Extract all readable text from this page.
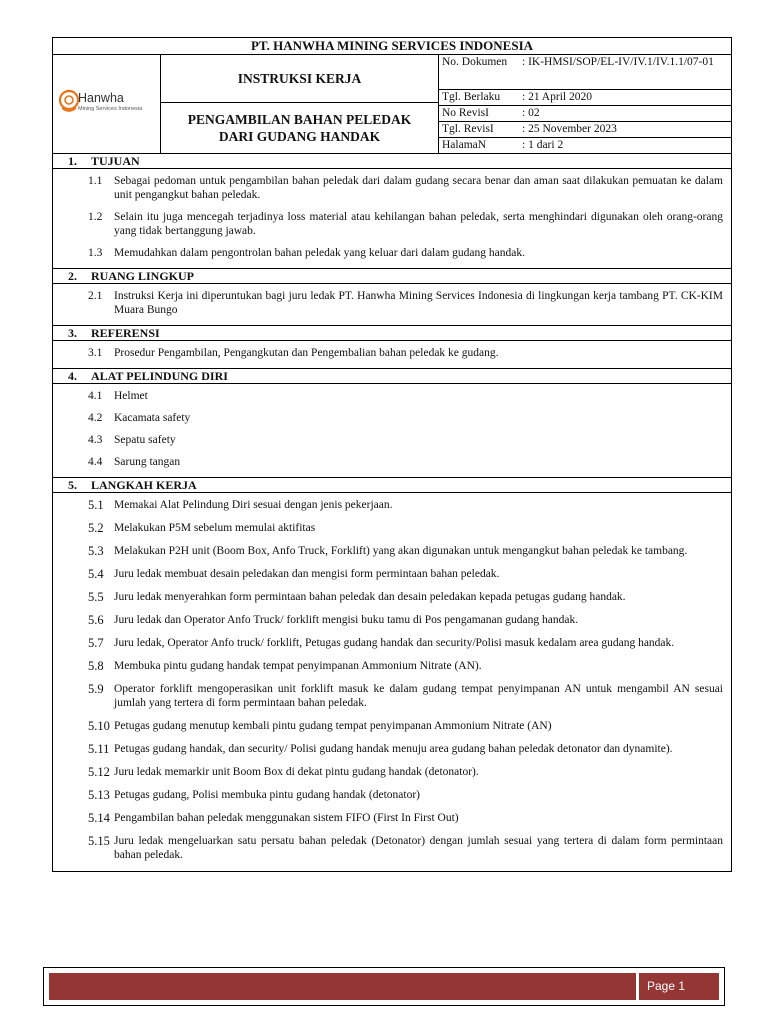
PT. HANWHA MINING SERVICES INDONESIA
Hanwha
Mining Services Indonesia
INSTRUKSI KERJA
PENGAMBILAN BAHAN PELEDAK
DARI GUDANG HANDAK
No. Dokumen	: IK-HMSI/SOP/EL-IV/IV.1/IV.1.1/07-01
Tgl. Berlaku	: 21 April 2020
No RevisI	: 02
Tgl. RevisI	: 25 November 2023
HalamaN	: 1 dari 2
1.	TUJUAN
1.1	Sebagai pedoman untuk pengambilan bahan peledak dari dalam gudang secara benar dan aman saat dilakukan pemuatan ke dalam unit pengangkut bahan peledak.
1.2	Selain itu juga mencegah terjadinya loss material atau kehilangan bahan peledak, serta menghindari digunakan oleh orang-orang yang tidak bertanggung jawab.
1.3	Memudahkan dalam pengontrolan bahan peledak yang keluar dari dalam gudang handak.
2.	RUANG LINGKUP
2.1	Instruksi Kerja ini diperuntukan bagi juru ledak PT. Hanwha Mining Services Indonesia di lingkungan kerja tambang PT. CK-KIM Muara Bungo
3.	REFERENSI
3.1	Prosedur Pengambilan, Pengangkutan dan Pengembalian bahan peledak ke gudang.
4.	ALAT PELINDUNG DIRI
4.1	Helmet
4.2	Kacamata safety
4.3	Sepatu safety
4.4	Sarung tangan
5.	LANGKAH KERJA
5.1 Memakai Alat Pelindung Diri sesuai dengan jenis pekerjaan.
5.2 Melakukan P5M sebelum memulai aktifitas
5.3 Melakukan P2H unit (Boom Box, Anfo Truck, Forklift) yang akan digunakan untuk mengangkut bahan peledak ke tambang.
5.4 Juru ledak membuat desain peledakan dan mengisi form permintaan bahan peledak.
5.5 Juru ledak menyerahkan form permintaan bahan peledak dan desain peledakan kepada petugas gudang handak.
5.6 Juru ledak dan Operator Anfo Truck/ forklift mengisi buku tamu di Pos pengamanan gudang handak.
5.7 Juru ledak, Operator Anfo truck/ forklift, Petugas gudang handak dan security/Polisi masuk kedalam area gudang handak.
5.8 Membuka pintu gudang handak tempat penyimpanan Ammonium Nitrate (AN).
5.9 Operator forklift mengoperasikan unit forklift masuk ke dalam gudang tempat penyimpanan AN untuk mengambil AN sesuai jumlah yang tertera di form permintaan bahan peledak.
5.10 Petugas gudang menutup kembali pintu gudang tempat penyimpanan Ammonium Nitrate (AN)
5.11 Petugas gudang handak, dan security/ Polisi gudang handak menuju area gudang bahan peledak detonator dan dynamite).
5.12 Juru ledak memarkir unit Boom Box di dekat pintu gudang handak (detonator).
5.13 Petugas gudang, Polisi membuka pintu gudang handak (detonator)
5.14 Pengambilan bahan peledak menggunakan sistem FIFO (First In First Out)
5.15 Juru ledak mengeluarkan satu persatu bahan peledak (Detonator) dengan jumlah sesuai yang tertera di dalam form permintaan bahan peledak.
Page 1
